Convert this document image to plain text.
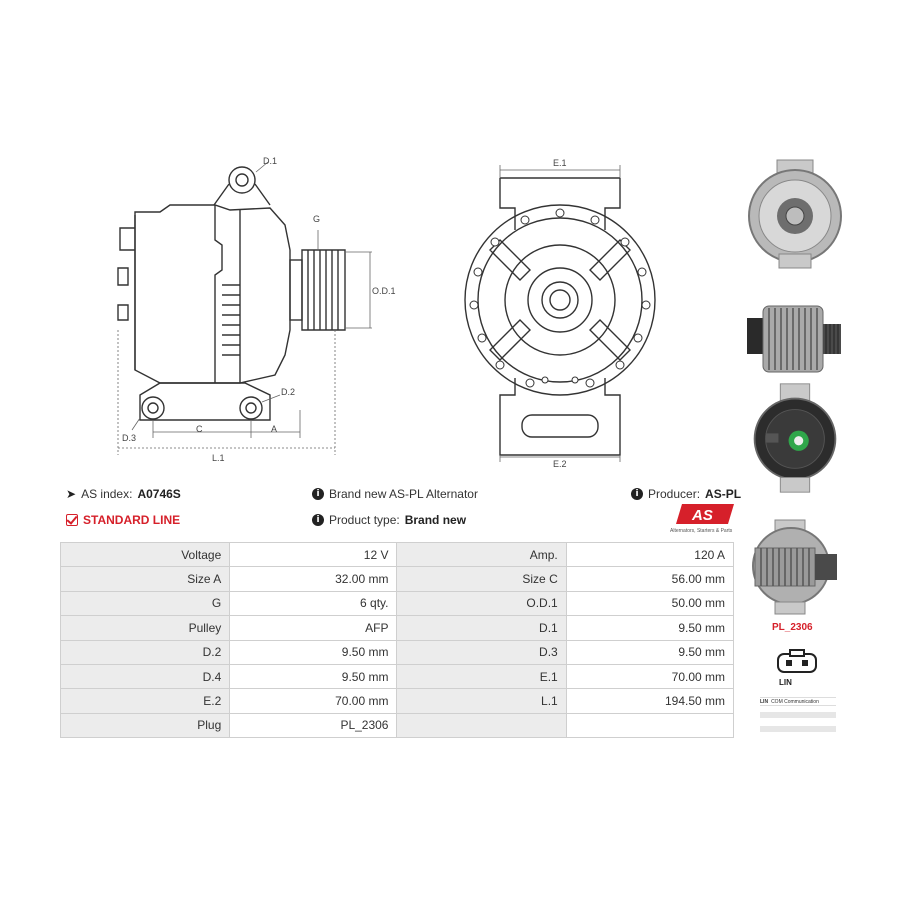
D.1
G
O.D.1
D.2
D.3
C	A
L.1
E.1
E.2
➤ AS index: A0746S
STANDARD LINE
i Brand new AS-PL Alternator
i Product type: Brand new
i Producer: AS-PL
AS
Alternators, Starters & Parts
Voltage	12 V	Amp.	120 A
Size A	32.00 mm	Size C	56.00 mm
G	6 qty.	O.D.1	50.00 mm
Pulley	AFP	D.1	9.50 mm
D.2	9.50 mm	D.3	9.50 mm
D.4	9.50 mm	E.1	70.00 mm
E.2	70.00 mm	L.1	194.50 mm
Plug	PL_2306		
PL_2306
LIN
LIN COM Communication
